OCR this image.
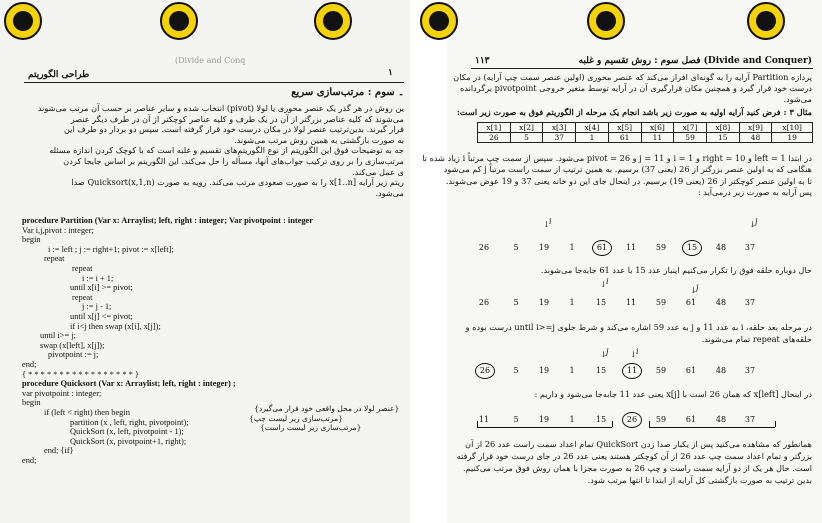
طراحی الگوریتم
(Divide and Conq
۱
۔ سوم : مرتب‌سازی سریع
ین روش در هر گذر یک عنصر محوری یا لولا (pivot) انتخاب شده و سایر عناصر بر حسب آن مرتب می‌شوند
می‌شوند که کلیه عناصر بزرگتر از آن در یک طرف و کلیه عناصر کوچکتر از آن در طرف دیگر عنصر
قرار گیرند. بدین‌ترتیب عنصر لولا در مکان درست خود قرار گرفته است. سپس دو بردار دو طرف این
به صورت بازگشتی به همین روش مرتب می‌شوند.
جه به توضیحات فوق این الگوریتم از نوع الگوریتم‌های تقسیم و غلبه است که با کوچک کردن اندازه مسئله
مرتب‌سازی را بر روی ترکیب جواب‌های آنها، مسأله را حل می‌کند. این الگوریتم بر اساس جایجا کردن
ی عمل می‌کند.
ریتم زیر آرایه x[1..n] را به صورت صعودی مرتب می‌کند. رویه به صورت Quicksort(x,1,n) صدا
می‌شود.
procedure Partition (Var x: Arraylist; left, right : integer; Var pivotpoint : integer
Var i,j,pivot : integer;
begin
i := left ; j := right+1; pivot := x[left];
repeat
repeat
i := i + 1;
until x[i] >= pivot;
repeat
j := j - 1;
until x[j] <= pivot;
if i<j then swap (x[i], x[j]);
until i>= j;
swap (x[left], x[j]);
pivotpoint := j;
end;
{ * * * * * * * * * * * * * * * * * }
procedure Quicksort (Var x: Arraylist; left, right : integer) ;
var pivotpoint : integer;
begin
if (left < right) then begin
partition (x , left, right, pivotpoint);
QuickSort (x, left, pivotpoint - 1);
QuickSort (x, pivotpoint+1, right);
end; {if}
end;
{عنصر لولا در محل واقعی خود قرار می‌گیرد}
{مرتب‌سازی زیر لیست چپ}
{مرتب‌سازی زیر لیست راست}
۱۱۳	فصل سوم : روش تقسیم و غلبه (Divide and Conquer)
پردازه Partition آرایه را به گونه‌ای افراز می‌کند که عنصر محوری (اولین عنصر سمت چپ آرایه) در مکان
درست خود قرار گیرد و همچنین مکان قرارگیری آن در آرایه توسط متغیر خروجی pivotpoint برگردانده
می‌شود.
مثال ۳ : فرض کنید آرایه اولیه به صورت زیر باشد انجام یک مرحله از الگوریتم فوق به صورت زیر است:
x[1]	x[2]	x[3]	x[4]	x[5]	x[6]	x[7]	x[8]	x[9]	x[10]
26	5	37	1	61	11	59	15	48	19
در ابتدا left = 1 و right = 10 و i = 1 و j = 11 و pivot = 26 می‌شود. سپس از سمت چپ مرتباً i زیاد شده تا
هنگامی که به اولین عنصر بزرگتر از 26 (یعنی 37) برسیم. به همین ترتیب از سمت راست مرتباً j کم می‌شود
تا به اولین عنصر کوچکتر از 26 (یعنی 19) برسیم. در اینحال جای این دو خانه یعنی 37 و 19 عوض می‌شوند.
پس آرایه به صورت زیر درمی‌آید :
↓ i	↓ j
26	5	19	1	61	11	59	15	48	37
حال دوباره حلقه فوق را تکرار می‌کنیم اینبار عدد 15 با عدد 61 جابه‌جا می‌شوند.
↓ i
↓ j
26	5	19	1	15	11	59	61	48	37
در مرحله بعد حلقه، i به عدد 11 و j به عدد 59 اشاره می‌کند و شرط جلوی until i>=j درست بوده و
حلقه‌های repeat تمام می‌شوند.
↓ j	↓ i
26	5	19	1	15	11	59	61	48	37
در اینحال x[left] که همان 26 است با x[j] یعنی عدد 11 جابه‌جا می‌شود و داریم :
11	5	19	1	15	26	59	61	48	37
همانطور که مشاهده می‌کنید پس از یکبار صدا زدن QuickSort تمام اعداد سمت راست عدد 26 از آن
بزرگتر و تمام اعداد سمت چپ عدد 26 از آن کوچکتر هستند یعنی عدد 26 در جای درست خود قرار گرفته
است. حال هر یک از دو آرایه سمت راست و چپ 26 به صورت مجزا با همان روش فوق مرتب می‌کنیم.
بدین ترتیب به صورت بازگشتی کل آرایه از ابتدا تا انتها مرتب شود.
